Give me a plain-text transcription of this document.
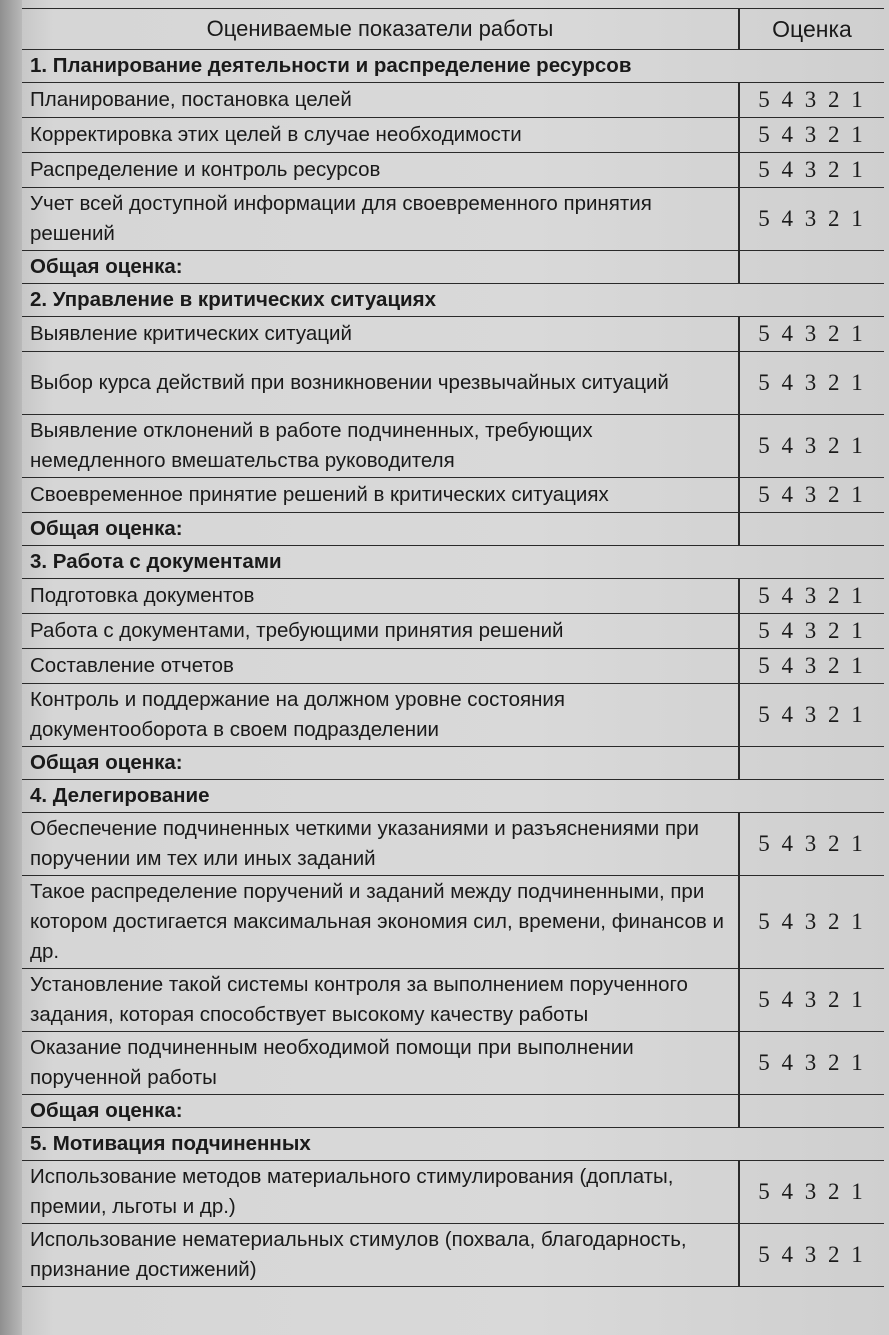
Оцениваемые показатели работы	Оценка
1. Планирование деятельности и распределение ресурсов	
Планирование, постановка целей	5 4 3 2 1
Корректировка этих целей в случае необходимости	5 4 3 2 1
Распределение и контроль ресурсов	5 4 3 2 1
Учет всей доступной информации для своевременного принятия решений	5 4 3 2 1
Общая оценка:	
2. Управление в критических ситуациях	
Выявление критических ситуаций	5 4 3 2 1
Выбор курса действий при возникновении чрезвычайных ситуаций	5 4 3 2 1
Выявление отклонений в работе подчиненных, требующих немедленного вмешательства руководителя	5 4 3 2 1
Своевременное принятие решений в критических ситуациях	5 4 3 2 1
Общая оценка:	
3. Работа с документами	
Подготовка документов	5 4 3 2 1
Работа с документами, требующими принятия решений	5 4 3 2 1
Составление отчетов	5 4 3 2 1
Контроль и поддержание на должном уровне состояния документооборота в своем подразделении	5 4 3 2 1
Общая оценка:	
4. Делегирование	
Обеспечение подчиненных четкими указаниями и разъяснениями при поручении им тех или иных заданий	5 4 3 2 1
Такое распределение поручений и заданий между подчиненными, при котором достигается максимальная экономия сил, времени, финансов и др.	5 4 3 2 1
Установление такой системы контроля за выполнением порученного задания, которая способствует высокому качеству работы	5 4 3 2 1
Оказание подчиненным необходимой помощи при выполнении порученной работы	5 4 3 2 1
Общая оценка:	
5. Мотивация подчиненных	
Использование методов материального стимулирования (доплаты, премии, льготы и др.)	5 4 3 2 1
Использование нематериальных стимулов (похвала, благодарность, признание достижений)	5 4 3 2 1
